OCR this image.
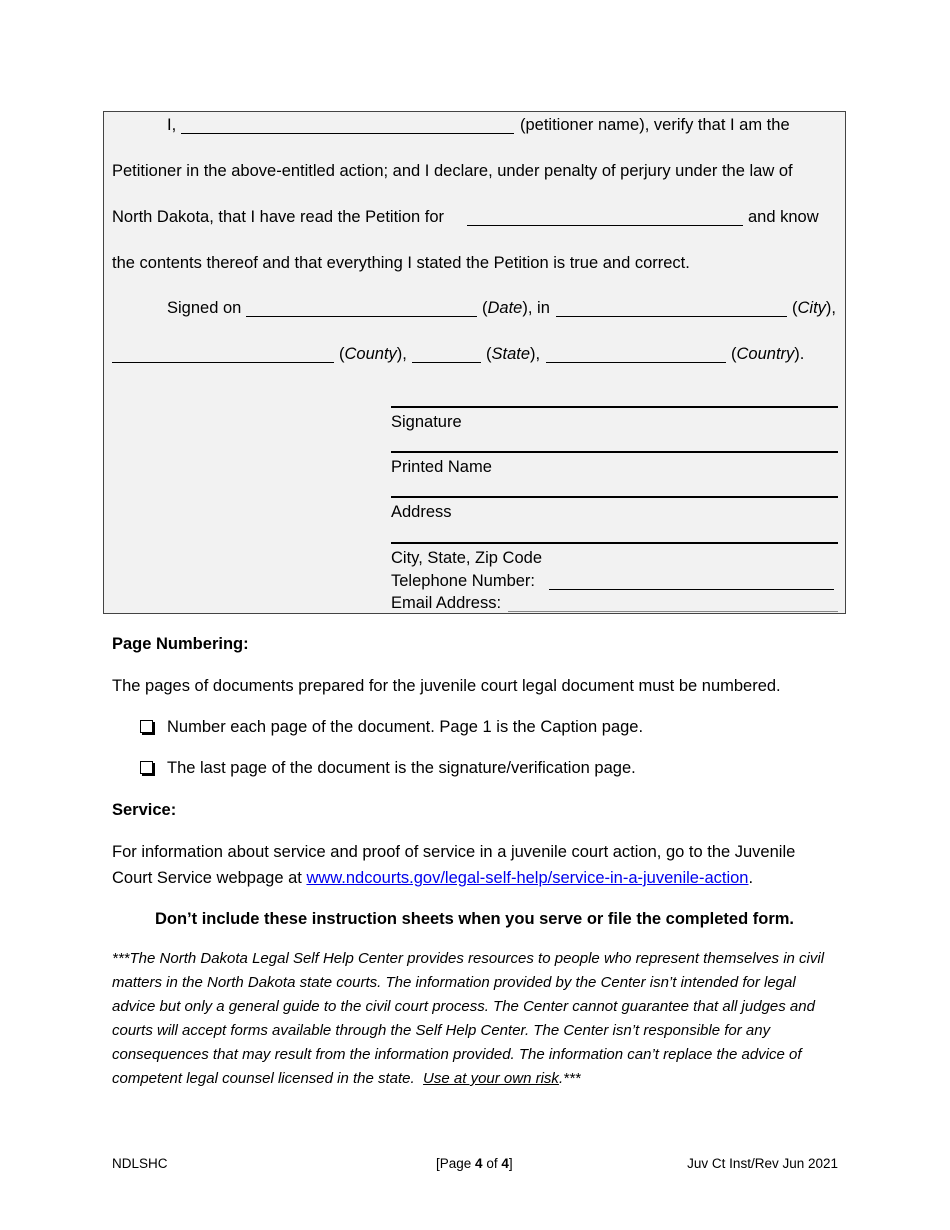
I,	(petitioner name), verify that I am the
Petitioner in the above-entitled action; and I declare, under penalty of perjury under the law of
North Dakota, that I have read the Petition for	and know
the contents thereof and that everything I stated the Petition is true and correct.
Signed on	(Date), in	(City),
(County),	(State),	(Country).
Signature
Printed Name
Address
City, State, Zip Code
Telephone Number:
Email Address:
Page Numbering:
The pages of documents prepared for the juvenile court legal document must be numbered.
Number each page of the document. Page 1 is the Caption page.
The last page of the document is the signature/verification page.
Service:
For information about service and proof of service in a juvenile court action, go to the Juvenile
Court Service webpage at www.ndcourts.gov/legal-self-help/service-in-a-juvenile-action.
Don’t include these instruction sheets when you serve or file the completed form.
***The North Dakota Legal Self Help Center provides resources to people who represent themselves in civil matters in the North Dakota state courts. The information provided by the Center isn’t intended for legal advice but only a general guide to the civil court process. The Center cannot guarantee that all judges and courts will accept forms available through the Self Help Center. The Center isn’t responsible for any consequences that may result from the information provided. The information can’t replace the advice of competent legal counsel licensed in the state. Use at your own risk.***
NDLSHC	[Page 4 of 4]	Juv Ct Inst/Rev Jun 2021
